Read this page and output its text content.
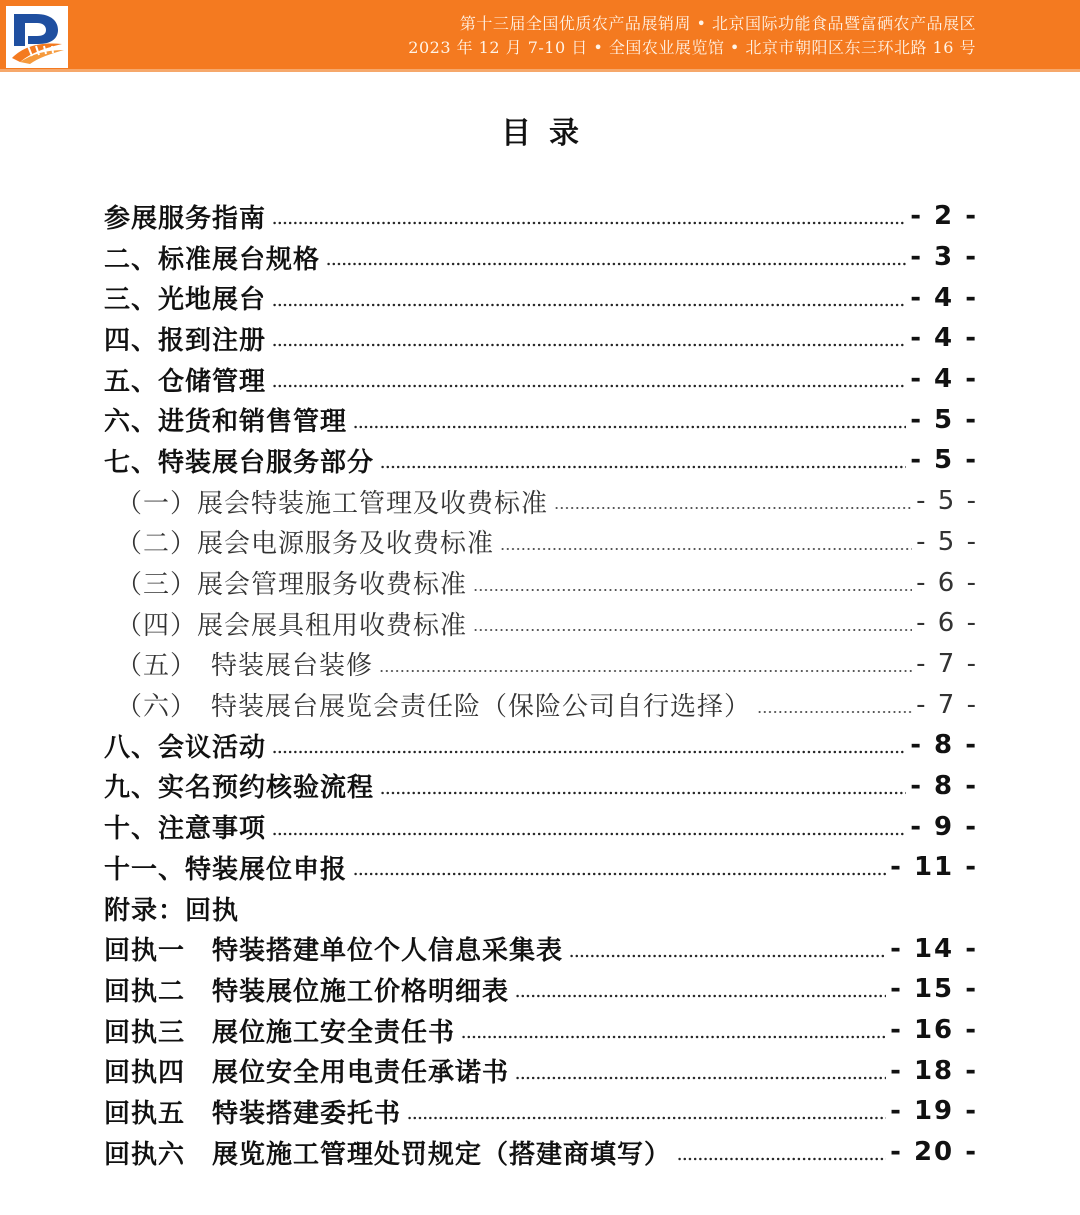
第十三届全国优质农产品展销周 • 北京国际功能食品暨富硒农产品展区
2023 年 12 月 7-10 日 • 全国农业展览馆 • 北京市朝阳区东三环北路 16 号
目录
参展服务指南	- 2 -
二、标准展台规格	- 3 -
三、光地展台	- 4 -
四、报到注册	- 4 -
五、仓储管理	- 4 -
六、进货和销售管理	- 5 -
七、特装展台服务部分	- 5 -
（一）展会特装施工管理及收费标准	- 5 -
（二）展会电源服务及收费标准	- 5 -
（三）展会管理服务收费标准	- 6 -
（四）展会展具租用收费标准	- 6 -
（五）　特装展台装修	- 7 -
（六）　特装展台展览会责任险（保险公司自行选择）	- 7 -
八、会议活动	- 8 -
九、实名预约核验流程	- 8 -
十、注意事项	- 9 -
十一、特装展位申报	- 11 -
附录：回执
回执一　特装搭建单位个人信息采集表	- 14 -
回执二　特装展位施工价格明细表	- 15 -
回执三　展位施工安全责任书	- 16 -
回执四　展位安全用电责任承诺书	- 18 -
回执五　特装搭建委托书	- 19 -
回执六　展览施工管理处罚规定（搭建商填写）	- 20 -
